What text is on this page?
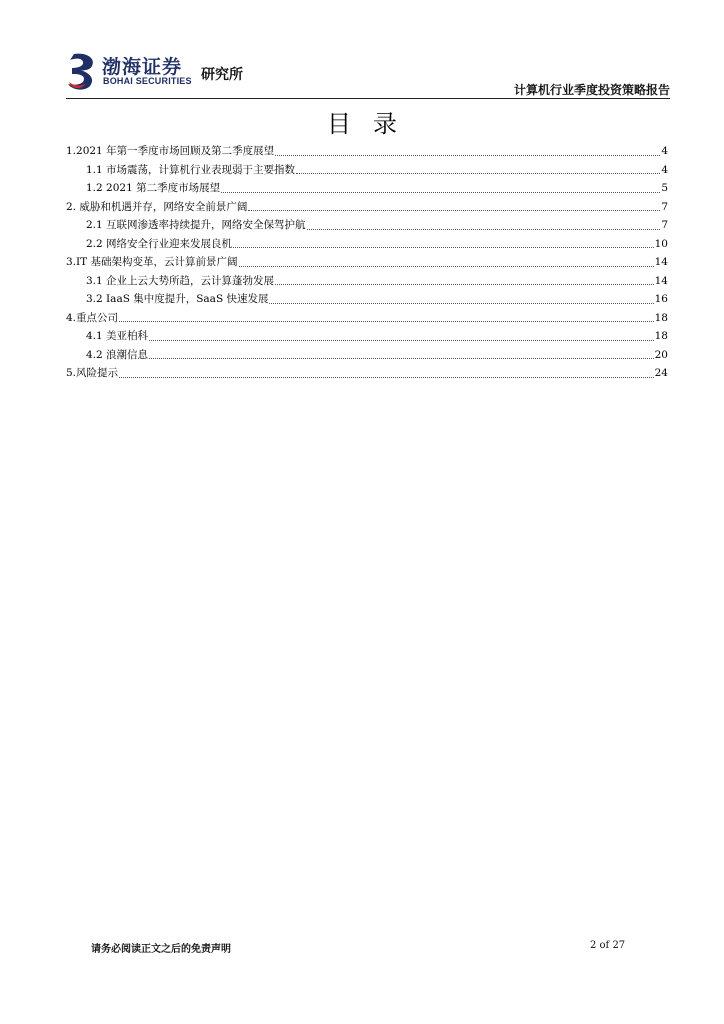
渤海证券
BOHAI SECURITIES 研究所
计算机行业季度投资策略报告
目录
1.2021 年第一季度市场回顾及第二季度展望	4
1.1 市场震荡，计算机行业表现弱于主要指数	4
1.2 2021 第二季度市场展望	5
2. 威胁和机遇并存，网络安全前景广阔	7
2.1 互联网渗透率持续提升，网络安全保驾护航	7
2.2 网络安全行业迎来发展良机	10
3.IT 基础架构变革，云计算前景广阔	14
3.1 企业上云大势所趋，云计算蓬勃发展	14
3.2 IaaS 集中度提升，SaaS 快速发展	16
4.重点公司	18
4.1 美亚柏科	18
4.2 浪潮信息	20
5.风险提示	24
请务必阅读正文之后的免责声明	2 of 27
